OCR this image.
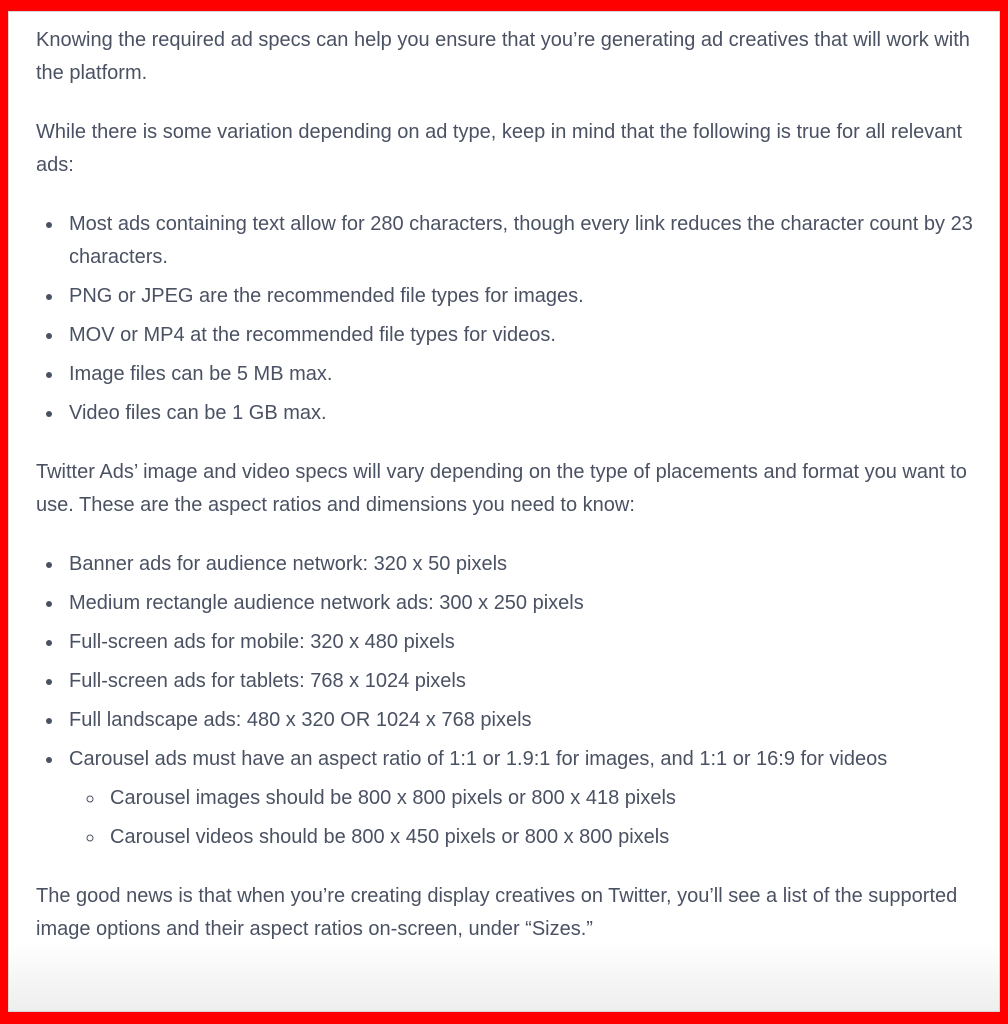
Knowing the required ad specs can help you ensure that you’re generating ad creatives that will work with the platform.

While there is some variation depending on ad type, keep in mind that the following is true for all relevant ads:

• Most ads containing text allow for 280 characters, though every link reduces the character count by 23 characters.
• PNG or JPEG are the recommended file types for images.
• MOV or MP4 at the recommended file types for videos.
• Image files can be 5 MB max.
• Video files can be 1 GB max.

Twitter Ads’ image and video specs will vary depending on the type of placements and format you want to use. These are the aspect ratios and dimensions you need to know:

• Banner ads for audience network: 320 x 50 pixels
• Medium rectangle audience network ads: 300 x 250 pixels
• Full-screen ads for mobile: 320 x 480 pixels
• Full-screen ads for tablets: 768 x 1024 pixels
• Full landscape ads: 480 x 320 OR 1024 x 768 pixels
• Carousel ads must have an aspect ratio of 1:1 or 1.9:1 for images, and 1:1 or 16:9 for videos
◦ Carousel images should be 800 x 800 pixels or 800 x 418 pixels
◦ Carousel videos should be 800 x 450 pixels or 800 x 800 pixels

The good news is that when you’re creating display creatives on Twitter, you’ll see a list of the supported image options and their aspect ratios on-screen, under “Sizes.”
